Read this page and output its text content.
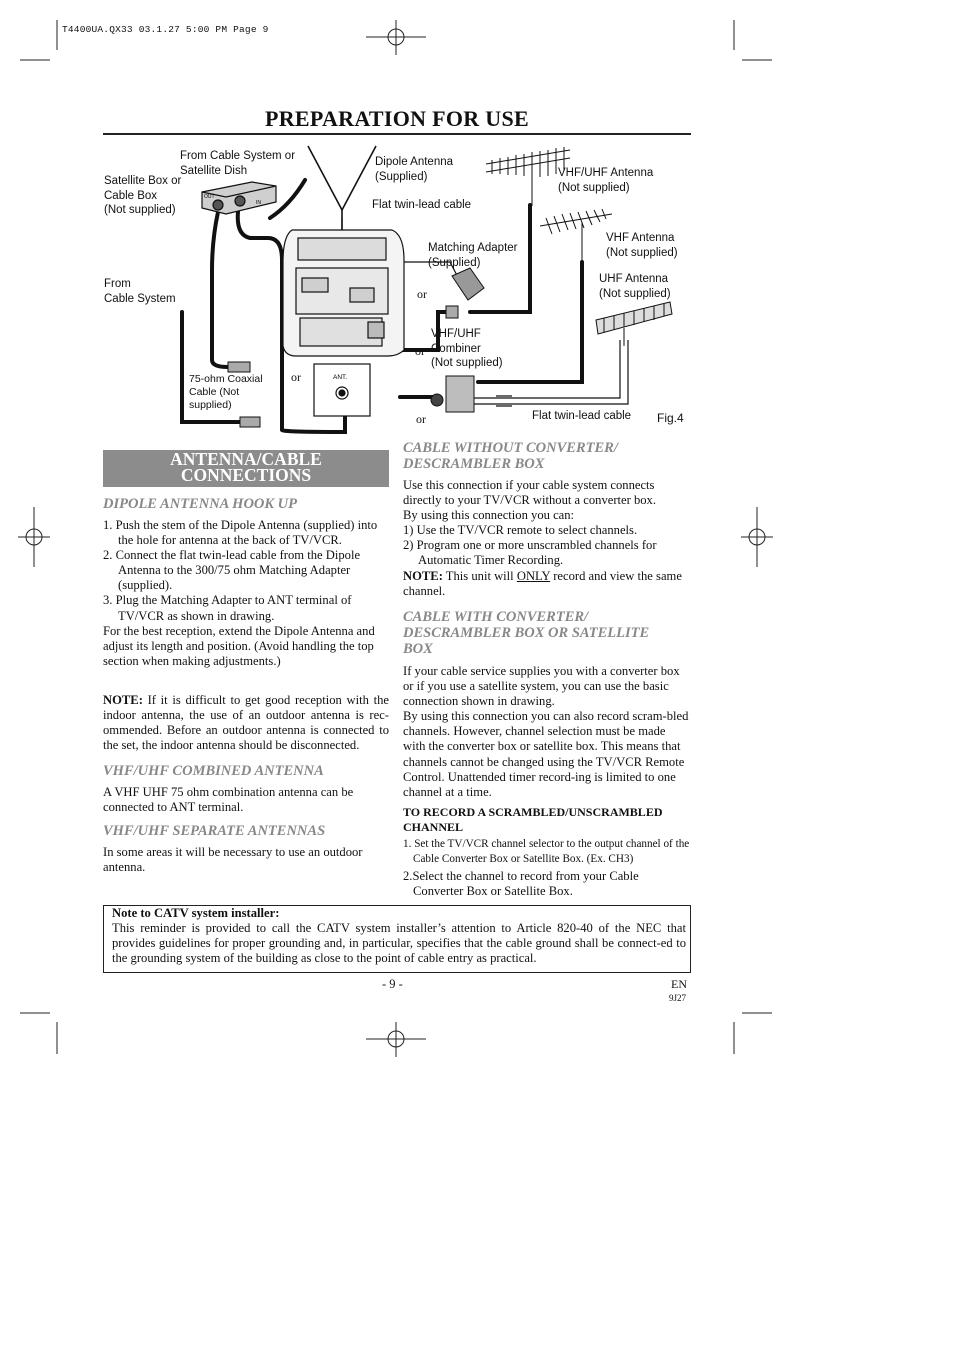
T4400UA.QX33 03.1.27 5:00 PM Page 9
PREPARATION FOR USE
OUT
IN
ANT.
From Cable System or
Satellite Dish
Satellite Box or
Cable Box
(Not supplied)
From
Cable System
75-ohm Coaxial
Cable (Not
supplied)
Dipole Antenna
(Supplied)
Flat twin-lead cable
VHF/UHF Antenna
(Not supplied)
Matching Adapter
(Supplied)
VHF Antenna
(Not supplied)
UHF Antenna
(Not supplied)
VHF/UHF
Combiner
(Not supplied)
Flat twin-lead cable Fig.4
or
or
or
or
ANTENNA/CABLE
CONNECTIONS
DIPOLE ANTENNA HOOK UP

1. Push the stem of the Dipole Antenna (supplied) into the hole for antenna at the back of TV/VCR.

2. Connect the flat twin-lead cable from the Dipole Antenna to the 300/75 ohm Matching Adapter (supplied).

3. Plug the Matching Adapter to ANT terminal of TV/VCR as shown in drawing.

For the best reception, extend the Dipole Antenna and adjust its length and position. (Avoid handling the top section when making adjustments.)

NOTE: If it is difficult to get good reception with the indoor antenna, the use of an outdoor antenna is rec-ommended. Before an outdoor antenna is connected to the set, the indoor antenna should be disconnected.

VHF/UHF COMBINED ANTENNA
A VHF UHF 75 ohm combination antenna can be connected to ANT terminal.
VHF/UHF SEPARATE ANTENNAS
In some areas it will be necessary to use an outdoor antenna.
CABLE WITHOUT CONVERTER/
DESCRAMBLER BOX

Use this connection if your cable system connects directly to your TV/VCR without a converter box.

By using this connection you can:

1) Use the TV/VCR remote to select channels.

2) Program one or more unscrambled channels for Automatic Timer Recording.

NOTE: This unit will ONLY record and view the same channel.

CABLE WITH CONVERTER/
DESCRAMBLER BOX OR SATELLITE
BOX

If your cable service supplies you with a converter box or if you use a satellite system, you can use the basic connection shown in drawing.

By using this connection you can also record scram-bled channels. However, channel selection must be made with the converter box or satellite box. This means that channels cannot be changed using the TV/VCR Remote Control. Unattended timer record-ing is limited to one channel at a time.

TO RECORD A SCRAMBLED/UNSCRAMBLED
CHANNEL

1. Set the TV/VCR channel selector to the output channel of the Cable Converter Box or Satellite Box. (Ex. CH3)

2.Select the channel to record from your Cable Converter Box or Satellite Box.

Note to CATV system installer:

This reminder is provided to call the CATV system installer’s attention to Article 820-40 of the NEC that provides guidelines for proper grounding and, in particular, specifies that the cable ground shall be connect-ed to the grounding system of the building as close to the point of cable entry as practical.

- 9 -	EN
9J27
